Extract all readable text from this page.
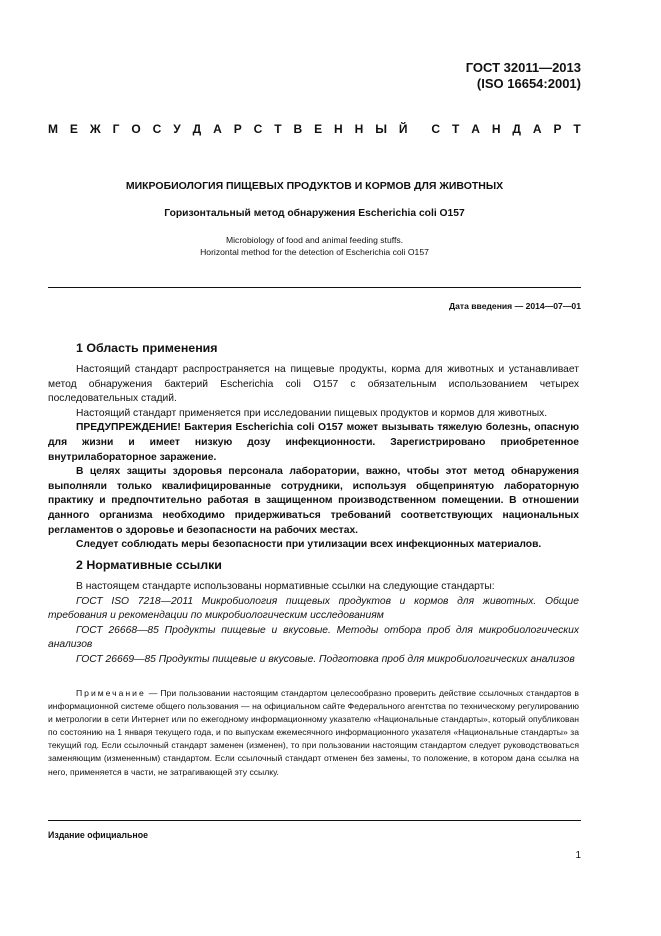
ГОСТ 32011—2013
(ISO 16654:2001)
М Е Ж Г О С У Д А Р С Т В Е Н Н Ы Й С Т А Н Д А Р Т
МИКРОБИОЛОГИЯ ПИЩЕВЫХ ПРОДУКТОВ И КОРМОВ ДЛЯ ЖИВОТНЫХ
Горизонтальный метод обнаружения Escherichia coli O157
Microbiology of food and animal feeding stuffs.
Horizontal method for the detection of Escherichia coli O157
Дата введения — 2014—07—01
1 Область применения

Настоящий стандарт распространяется на пищевые продукты, корма для животных и устанавливает метод обнаружения бактерий Escherichia coli O157 с обязательным использованием четырех последовательных стадий.

Настоящий стандарт применяется при исследовании пищевых продуктов и кормов для животных.

ПРЕДУПРЕЖДЕНИЕ! Бактерия Escherichia coli O157 может вызывать тяжелую болезнь, опасную для жизни и имеет низкую дозу инфекционности. Зарегистрировано приобретенное внутрилабораторное заражение.

В целях защиты здоровья персонала лаборатории, важно, чтобы этот метод обнаружения выполняли только квалифицированные сотрудники, используя общепринятую лабораторную практику и предпочтительно работая в защищенном производственном помещении. В отношении данного организма необходимо придерживаться требований соответствующих национальных регламентов о здоровье и безопасности на рабочих местах.

Следует соблюдать меры безопасности при утилизации всех инфекционных материалов.

2 Нормативные ссылки

В настоящем стандарте использованы нормативные ссылки на следующие стандарты:

ГОСТ ISO 7218—2011 Микробиология пищевых продуктов и кормов для животных. Общие требования и рекомендации по микробиологическим исследованиям

ГОСТ 26668—85 Продукты пищевые и вкусовые. Методы отбора проб для микробиологических анализов

ГОСТ 26669—85 Продукты пищевые и вкусовые. Подготовка проб для микробиологических анализов

Примечание — При пользовании настоящим стандартом целесообразно проверить действие ссылочных стандартов в информационной системе общего пользования — на официальном сайте Федерального агентства по техническому регулированию и метрологии в сети Интернет или по ежегодному информационному указателю «Национальные стандарты», который опубликован по состоянию на 1 января текущего года, и по выпускам ежемесячного информационного указателя «Национальные стандарты» за текущий год. Если ссылочный стандарт заменен (изменен), то при пользовании настоящим стандартом следует руководствоваться заменяющим (измененным) стандартом. Если ссылочный стандарт отменен без замены, то положение, в котором дана ссылка на него, применяется в части, не затрагивающей эту ссылку.

Издание официальное
1
